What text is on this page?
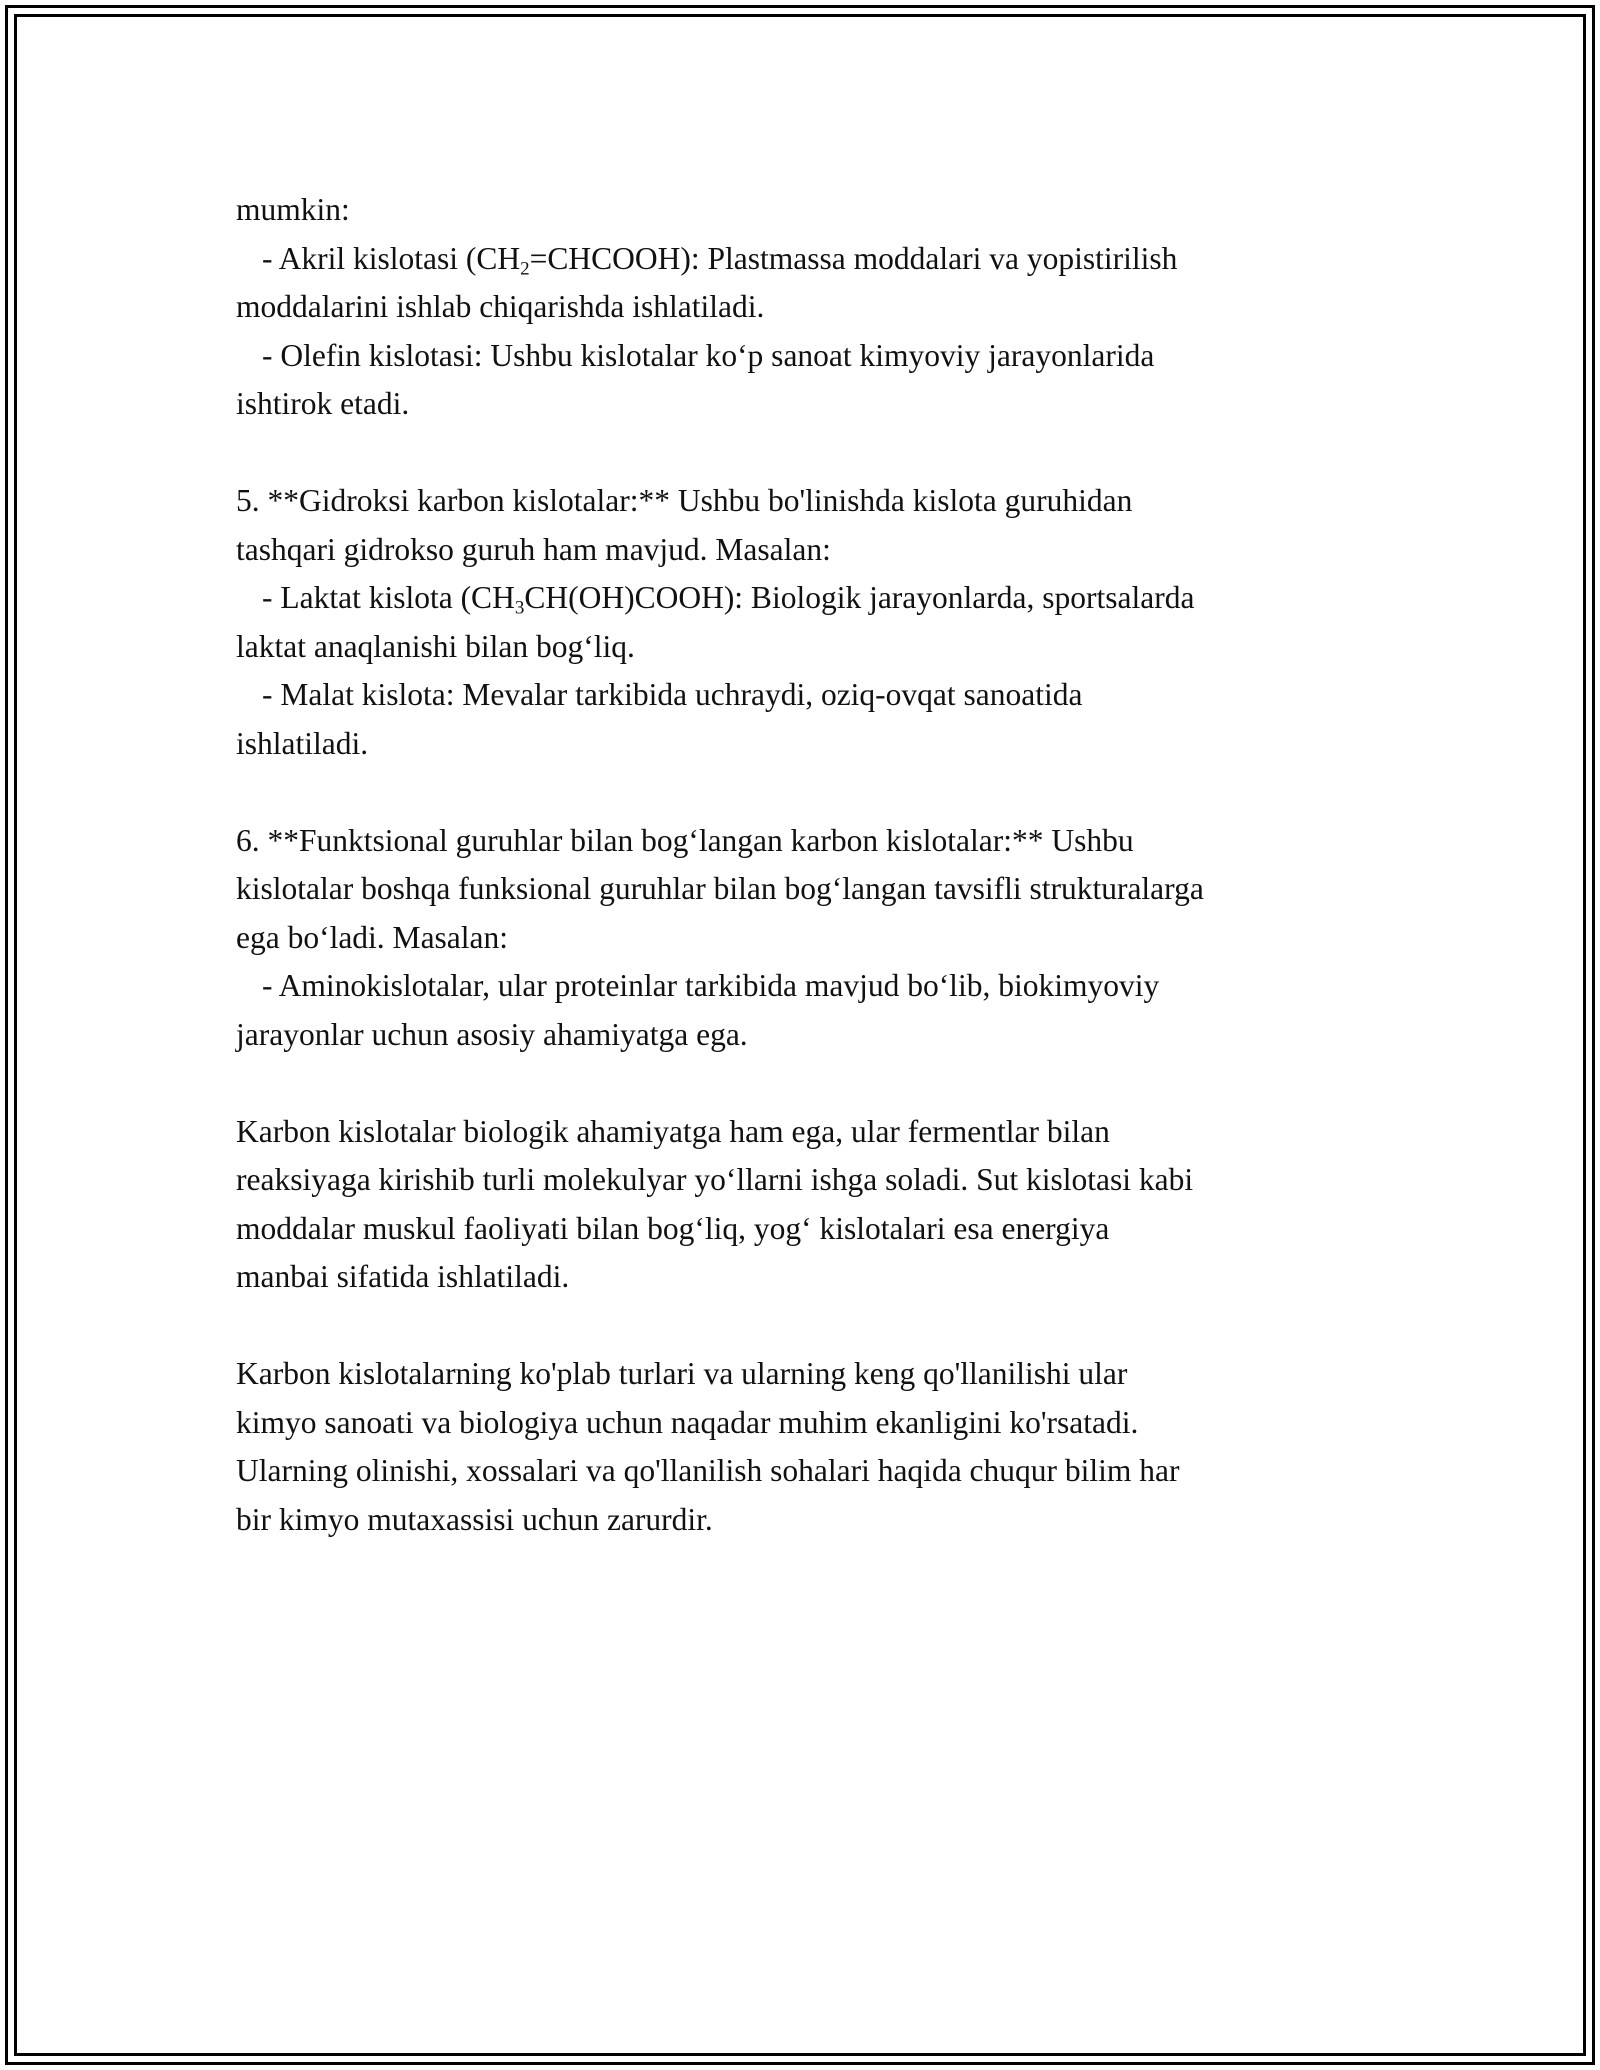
mumkin:
- Akril kislotasi $(CH_2=CHCOOH)$: Plastmassa moddalari va yopistirilish
moddalarini ishlab chiqarishda ishlatiladi.
- Olefin kislotasi: Ushbu kislotalar ko‘p sanoat kimyoviy jarayonlarida
ishtirok etadi.
5. **Gidroksi karbon kislotalar:** Ushbu bo'linishda kislota guruhidan
tashqari gidrokso guruh ham mavjud. Masalan:
- Laktat kislota $(CH_3CH(OH)COOH)$: Biologik jarayonlarda, sportsalarda
laktat anaqlanishi bilan bog‘liq.
- Malat kislota: Mevalar tarkibida uchraydi, oziq-ovqat sanoatida
ishlatiladi.
6. **Funktsional guruhlar bilan bog‘langan karbon kislotalar:** Ushbu
kislotalar boshqa funksional guruhlar bilan bog‘langan tavsifli strukturalarga
ega bo‘ladi. Masalan:
- Aminokislotalar, ular proteinlar tarkibida mavjud bo‘lib, biokimyoviy
jarayonlar uchun asosiy ahamiyatga ega.
Karbon kislotalar biologik ahamiyatga ham ega, ular fermentlar bilan
reaksiyaga kirishib turli molekulyar yo‘llarni ishga soladi. Sut kislotasi kabi
moddalar muskul faoliyati bilan bog‘liq, yog‘ kislotalari esa energiya
manbai sifatida ishlatiladi.
Karbon kislotalarning ko'plab turlari va ularning keng qo'llanilishi ular
kimyo sanoati va biologiya uchun naqadar muhim ekanligini ko'rsatadi.
Ularning olinishi, xossalari va qo'llanilish sohalari haqida chuqur bilim har
bir kimyo mutaxassisi uchun zarurdir.
